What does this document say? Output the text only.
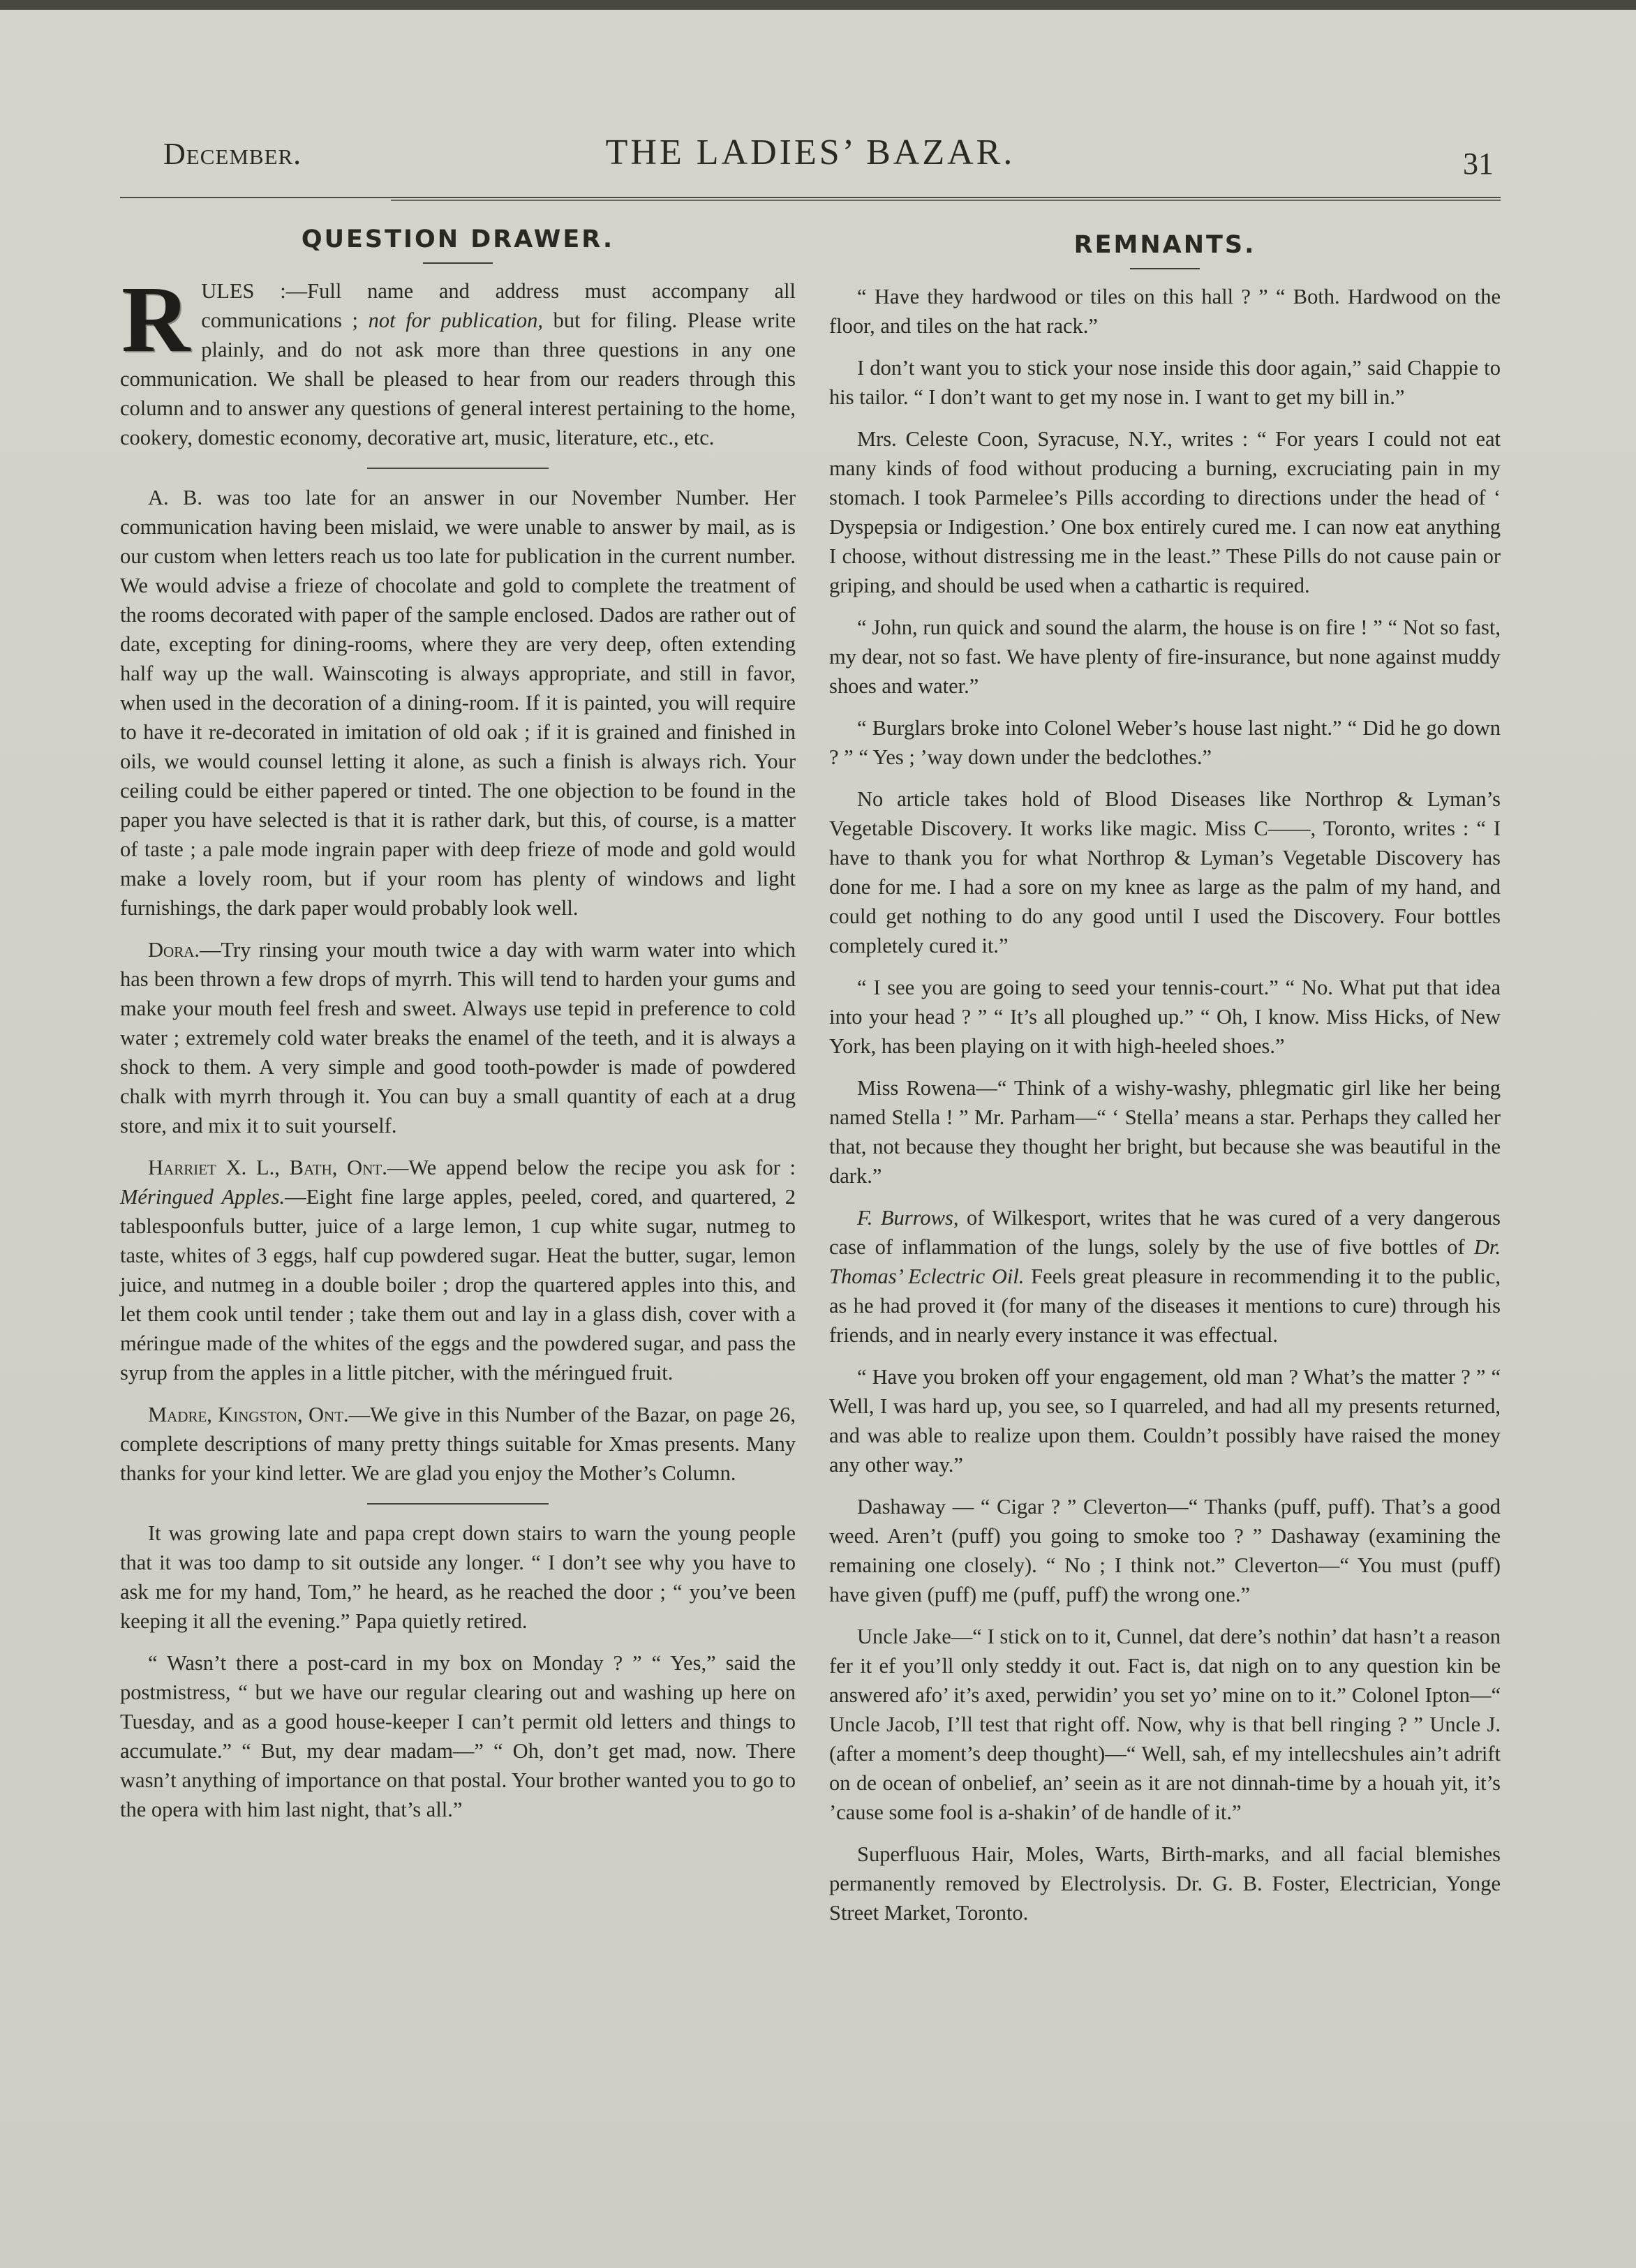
December.	THE LADIES’ BAZAR.	31
QUESTION DRAWER.

RULES :—Full name and address must accompany all communications ; not for publication, but for filing. Please write plainly, and do not ask more than three questions in any one communication. We shall be pleased to hear from our readers through this column and to answer any questions of general interest pertaining to the home, cookery, domestic economy, decorative art, music, literature, etc., etc.

A. B. was too late for an answer in our November Number. Her communication having been mislaid, we were unable to answer by mail, as is our custom when letters reach us too late for publication in the current number. We would advise a frieze of chocolate and gold to complete the treatment of the rooms decorated with paper of the sample enclosed. Dados are rather out of date, excepting for dining-rooms, where they are very deep, often extending half way up the wall. Wainscoting is always appropriate, and still in favor, when used in the decoration of a dining-room. If it is painted, you will require to have it re-decorated in imitation of old oak ; if it is grained and finished in oils, we would counsel letting it alone, as such a finish is always rich. Your ceiling could be either papered or tinted. The one objection to be found in the paper you have selected is that it is rather dark, but this, of course, is a matter of taste ; a pale mode ingrain paper with deep frieze of mode and gold would make a lovely room, but if your room has plenty of windows and light furnishings, the dark paper would probably look well.

Dora.—Try rinsing your mouth twice a day with warm water into which has been thrown a few drops of myrrh. This will tend to harden your gums and make your mouth feel fresh and sweet. Always use tepid in preference to cold water ; extremely cold water breaks the enamel of the teeth, and it is always a shock to them. A very simple and good tooth-powder is made of powdered chalk with myrrh through it. You can buy a small quantity of each at a drug store, and mix it to suit yourself.

Harriet X. L., Bath, Ont.—We append below the recipe you ask for : Méringued Apples.—Eight fine large apples, peeled, cored, and quartered, 2 tablespoonfuls butter, juice of a large lemon, 1 cup white sugar, nutmeg to taste, whites of 3 eggs, half cup powdered sugar. Heat the butter, sugar, lemon juice, and nutmeg in a double boiler ; drop the quartered apples into this, and let them cook until tender ; take them out and lay in a glass dish, cover with a méringue made of the whites of the eggs and the powdered sugar, and pass the syrup from the apples in a little pitcher, with the méringued fruit.

Madre, Kingston, Ont.—We give in this Number of the Bazar, on page 26, complete descriptions of many pretty things suitable for Xmas presents. Many thanks for your kind letter. We are glad you enjoy the Mother’s Column.

It was growing late and papa crept down stairs to warn the young people that it was too damp to sit outside any longer. “ I don’t see why you have to ask me for my hand, Tom,” he heard, as he reached the door ; “ you’ve been keeping it all the evening.” Papa quietly retired.

“ Wasn’t there a post-card in my box on Monday ? ” “ Yes,” said the postmistress, “ but we have our regular clearing out and washing up here on Tuesday, and as a good house-keeper I can’t permit old letters and things to accumulate.” “ But, my dear madam—” “ Oh, don’t get mad, now. There wasn’t anything of importance on that postal. Your brother wanted you to go to the opera with him last night, that’s all.”

REMNANTS.

“ Have they hardwood or tiles on this hall ? ” “ Both. Hardwood on the floor, and tiles on the hat rack.”

I don’t want you to stick your nose inside this door again,” said Chappie to his tailor. “ I don’t want to get my nose in. I want to get my bill in.”

Mrs. Celeste Coon, Syracuse, N.Y., writes : “ For years I could not eat many kinds of food without producing a burning, excruciating pain in my stomach. I took Parmelee’s Pills according to directions under the head of ‘ Dyspepsia or Indigestion.’ One box entirely cured me. I can now eat anything I choose, without distressing me in the least.” These Pills do not cause pain or griping, and should be used when a cathartic is required.

“ John, run quick and sound the alarm, the house is on fire ! ” “ Not so fast, my dear, not so fast. We have plenty of fire-insurance, but none against muddy shoes and water.”

“ Burglars broke into Colonel Weber’s house last night.” “ Did he go down ? ” “ Yes ; ’way down under the bedclothes.”

No article takes hold of Blood Diseases like Northrop & Lyman’s Vegetable Discovery. It works like magic. Miss C——, Toronto, writes : “ I have to thank you for what Northrop & Lyman’s Vegetable Discovery has done for me. I had a sore on my knee as large as the palm of my hand, and could get nothing to do any good until I used the Discovery. Four bottles completely cured it.”

“ I see you are going to seed your tennis-court.” “ No. What put that idea into your head ? ” “ It’s all ploughed up.” “ Oh, I know. Miss Hicks, of New York, has been playing on it with high-heeled shoes.”

Miss Rowena—“ Think of a wishy-washy, phlegmatic girl like her being named Stella ! ” Mr. Parham—“ ‘ Stella’ means a star. Perhaps they called her that, not because they thought her bright, but because she was beautiful in the dark.”

F. Burrows, of Wilkesport, writes that he was cured of a very dangerous case of inflammation of the lungs, solely by the use of five bottles of Dr. Thomas’ Eclectric Oil. Feels great pleasure in recommending it to the public, as he had proved it (for many of the diseases it mentions to cure) through his friends, and in nearly every instance it was effectual.

“ Have you broken off your engagement, old man ? What’s the matter ? ” “ Well, I was hard up, you see, so I quarreled, and had all my presents returned, and was able to realize upon them. Couldn’t possibly have raised the money any other way.”

Dashaway — “ Cigar ? ” Cleverton—“ Thanks (puff, puff). That’s a good weed. Aren’t (puff) you going to smoke too ? ” Dashaway (examining the remaining one closely). “ No ; I think not.” Cleverton—“ You must (puff) have given (puff) me (puff, puff) the wrong one.”

Uncle Jake—“ I stick on to it, Cunnel, dat dere’s nothin’ dat hasn’t a reason fer it ef you’ll only steddy it out. Fact is, dat nigh on to any question kin be answered afo’ it’s axed, perwidin’ you set yo’ mine on to it.” Colonel Ipton—“ Uncle Jacob, I’ll test that right off. Now, why is that bell ringing ? ” Uncle J. (after a moment’s deep thought)—“ Well, sah, ef my intellecshules ain’t adrift on de ocean of onbelief, an’ seein as it are not dinnah-time by a houah yit, it’s ’cause some fool is a-shakin’ of de handle of it.”

Superfluous Hair, Moles, Warts, Birth-marks, and all facial blemishes permanently removed by Electrolysis. Dr. G. B. Foster, Electrician, Yonge Street Market, Toronto.
